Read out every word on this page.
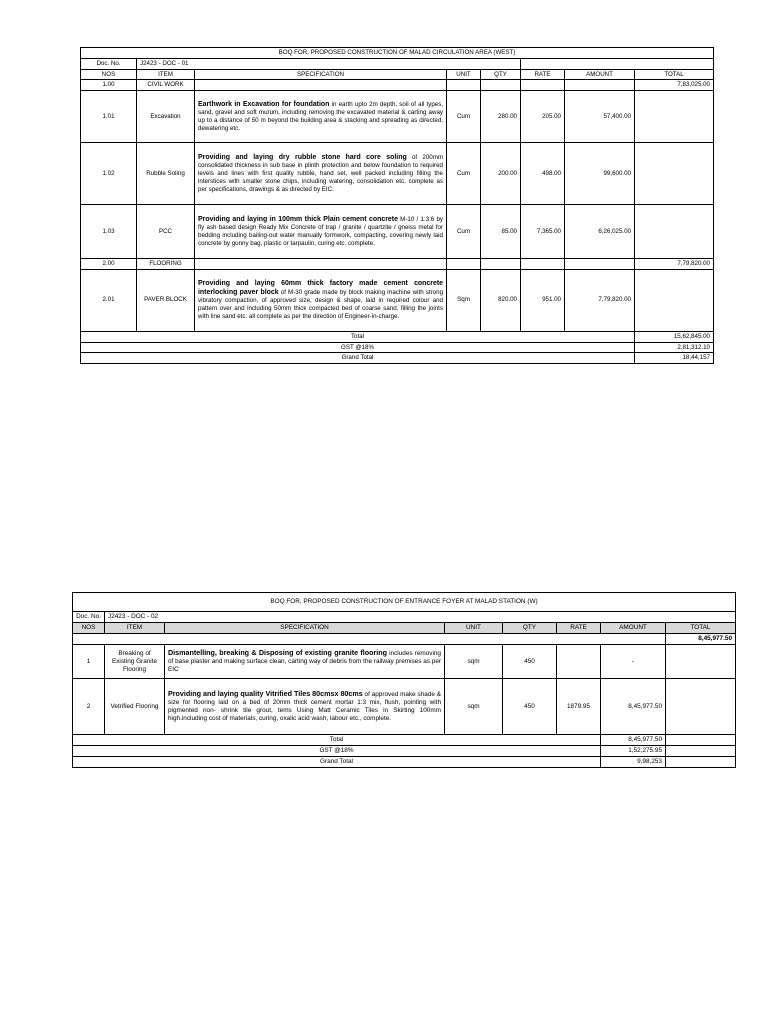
BOQ FOR, PROPOSED CONSTRUCTION OF MALAD CIRCULATION AREA (WEST)							
Doc. No.	J2423 - DOC - 01						
NOS	ITEM	SPECIFICATION	UNIT	QTY	RATE	AMOUNT	TOTAL
1.00	CIVIL WORK						7,83,025.00
1.01	Excavation	Earthwork in Excavation for foundation in earth upto 2m depth, soil of all types, sand, gravel and soft murum, including removing the excavated material & carting away up to a distance of 50 m beyond the building area & stacking and spreading as directed, dewatering etc.	Cum	280.00	205.00	57,400.00	
1.02	Rubble Soling	Providing and laying dry rubble stone hard core soling of 200mm consolidated thickness in sub base in plinth protection and below foundation to required levels and lines with first quality rubble, hand set, well packed including filling the interstices with smaller stone chips, including watering, consolidation etc. complete as per specifications, drawings & as directed by EIC.	Cum	200.00	498.00	99,600.00	
1.03	PCC	Providing and laying in 100mm thick Plain cement concrete M-10 / 1:3:6 by fly ash based design Ready Mix Concrete of trap / granite / quartzite / gneiss metal for bedding including bailing-out water manually formwork, compacting, covering newly laid concrete by gunny bag, plastic or tarpaulin, curing etc. complete.	Cum	85.00	7,365.00	6,26,025.00	
2.00	FLOORING						7,79,820.00
2.01	PAVER BLOCK	Providing and laying 60mm thick factory made cement concrete interlocking paver block of M-30 grade made by block making machine with strong vibratory compaction, of approved size, design & shape, laid in required colour and pattern over and including 50mm thick compacted bed of coarse sand, filling the joints with line sand etc. all complete as per the direction of Engineer-in-charge.	Sqm	820.00	951.00	7,79,820.00	
Total							15,62,845.00
GST @18%							2,81,312.10
Grand Total							18,44,157
BOQ FOR, PROPOSED CONSTRUCTION OF ENTRANCE FOYER AT MALAD STATION (W)							
Doc. No.	J2423 - DOC - 02						
NOS	ITEM	SPECIFICATION	UNIT	QTY	RATE	AMOUNT	TOTAL
							8,45,977.50
1	Breaking of Existing Granite Flooring	Dismantelling, breaking & Disposing of existing granite flooring includes removing of base plaster and making surface clean, carting way of debris from the railway premises as per EIC	sqm	450		-	
2	Vetrified Flooring	Providing and laying quality Vitrified Tiles 80cmsx 80cms of approved make shade & size for flooring laid on a bed of 20mm thick cement mortar 1:3 mix, flush, pointing with pigmented non- shrink tile grout, tems Using Matt Ceramic Tiles in Skirting 100mm high.including cost of materials, curing, oxalic acid wash, labour etc., complete.	sqm	450	1879.95	8,45,977.50	
Total						8,45,977.50	
GST @18%						1,52,275.95	
Grand Total						9,98,253	
